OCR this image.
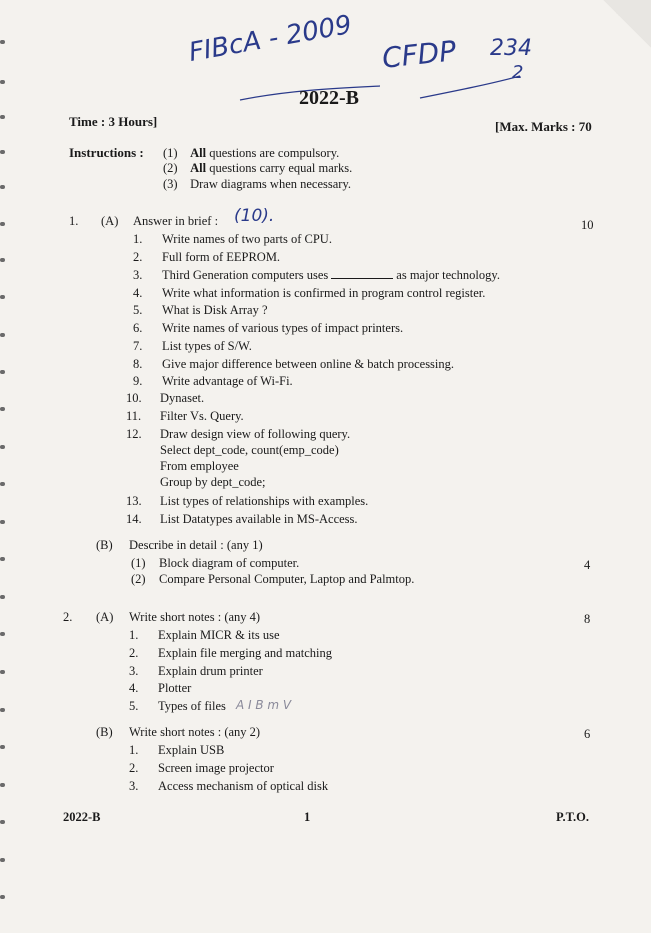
FIBcA - 2009 CFDP 234
2
2022-B
Time : 3 Hours]	[Max. Marks : 70
Instructions : (1) All questions are compulsory.
(2) All questions carry equal marks.
(3) Draw diagrams when necessary.
1. (A) Answer in brief : (10).	10
1. Write names of two parts of CPU.
2. Full form of EEPROM.
3. Third Generation computers uses	as major technology.
4. Write what information is confirmed in program control register.
5. What is Disk Array ?
6. Write names of various types of impact printers.
7. List types of S/W.
8. Give major difference between online & batch processing.
9. Write advantage of Wi-Fi.
10. Dynaset.
11. Filter Vs. Query.
12. Draw design view of following query.
Select dept_code, count(emp_code)
From employee
Group by dept_code;
13. List types of relationships with examples.
14. List Datatypes available in MS-Access.
(B) Describe in detail : (any 1)
(1) Block diagram of computer.	4
(2) Compare Personal Computer, Laptop and Palmtop.
2. (A) Write short notes : (any 4)	8
1. Explain MICR & its use
2. Explain file merging and matching
3. Explain drum printer
4. Plotter
5. Types of files A I B m V
(B) Write short notes : (any 2)	6
1. Explain USB
2. Screen image projector
3. Access mechanism of optical disk
2022-B	1	P.T.O.
